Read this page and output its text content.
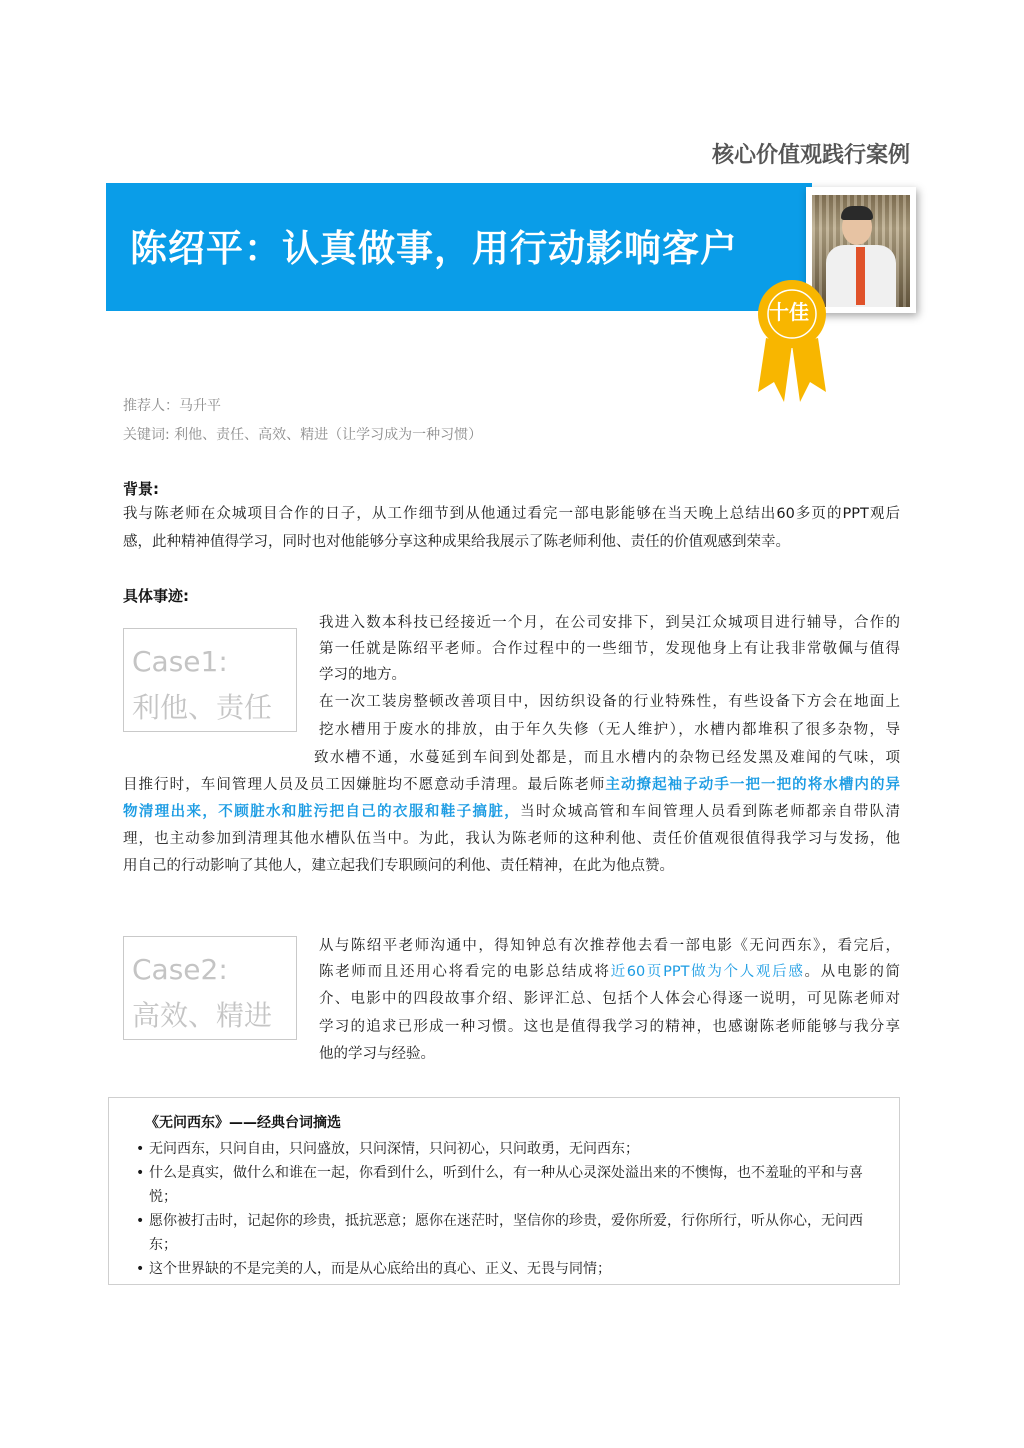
核心价值观践行案例
陈绍平：认真做事，用行动影响客户
十佳
推荐人：马升平
关键词: 利他、责任、高效、精进（让学习成为一种习惯）
背景:
我与陈老师在众城项目合作的日子，从工作细节到从他通过看完一部电影能够在当天晚上总结出60多页的PPT观后
感，此种精神值得学习，同时也对他能够分享这种成果给我展示了陈老师利他、责任的价值观感到荣幸。
具体事迹:
Case1:
利他、责任
我进入数本科技已经接近一个月，在公司安排下，到吴江众城项目进行辅导，合作的
第一任就是陈绍平老师。合作过程中的一些细节，发现他身上有让我非常敬佩与值得
学习的地方。
在一次工装房整顿改善项目中，因纺织设备的行业特殊性，有些设备下方会在地面上
挖水槽用于废水的排放，由于年久失修（无人维护），水槽内都堆积了很多杂物，导
致水槽不通，水蔓延到车间到处都是，而且水槽内的杂物已经发黑及难闻的气味，项
目推行时，车间管理人员及员工因嫌脏均不愿意动手清理。最后陈老师主动撩起袖子动手一把一把的将水槽内的异
物清理出来，不顾脏水和脏污把自己的衣服和鞋子搞脏，当时众城高管和车间管理人员看到陈老师都亲自带队清
理，也主动参加到清理其他水槽队伍当中。为此，我认为陈老师的这种利他、责任价值观很值得我学习与发扬，他
用自己的行动影响了其他人，建立起我们专职顾问的利他、责任精神，在此为他点赞。
Case2:
高效、精进
从与陈绍平老师沟通中，得知钟总有次推荐他去看一部电影《无问西东》，看完后，
陈老师而且还用心将看完的电影总结成将近60页PPT做为个人观后感。从电影的简
介、电影中的四段故事介绍、影评汇总、包括个人体会心得逐一说明，可见陈老师对
学习的追求已形成一种习惯。这也是值得我学习的精神，也感谢陈老师能够与我分享
他的学习与经验。
《无问西东》——经典台词摘选
• 无问西东，只问自由，只问盛放，只问深情，只问初心，只问敢勇，无问西东；
• 什么是真实，做什么和谁在一起，你看到什么，听到什么，有一种从心灵深处溢出来的不懊悔，也不羞耻的平和与喜悦；
• 愿你被打击时，记起你的珍贵，抵抗恶意；愿你在迷茫时，坚信你的珍贵，爱你所爱，行你所行，听从你心，无问西东；
• 这个世界缺的不是完美的人，而是从心底给出的真心、正义、无畏与同情；
